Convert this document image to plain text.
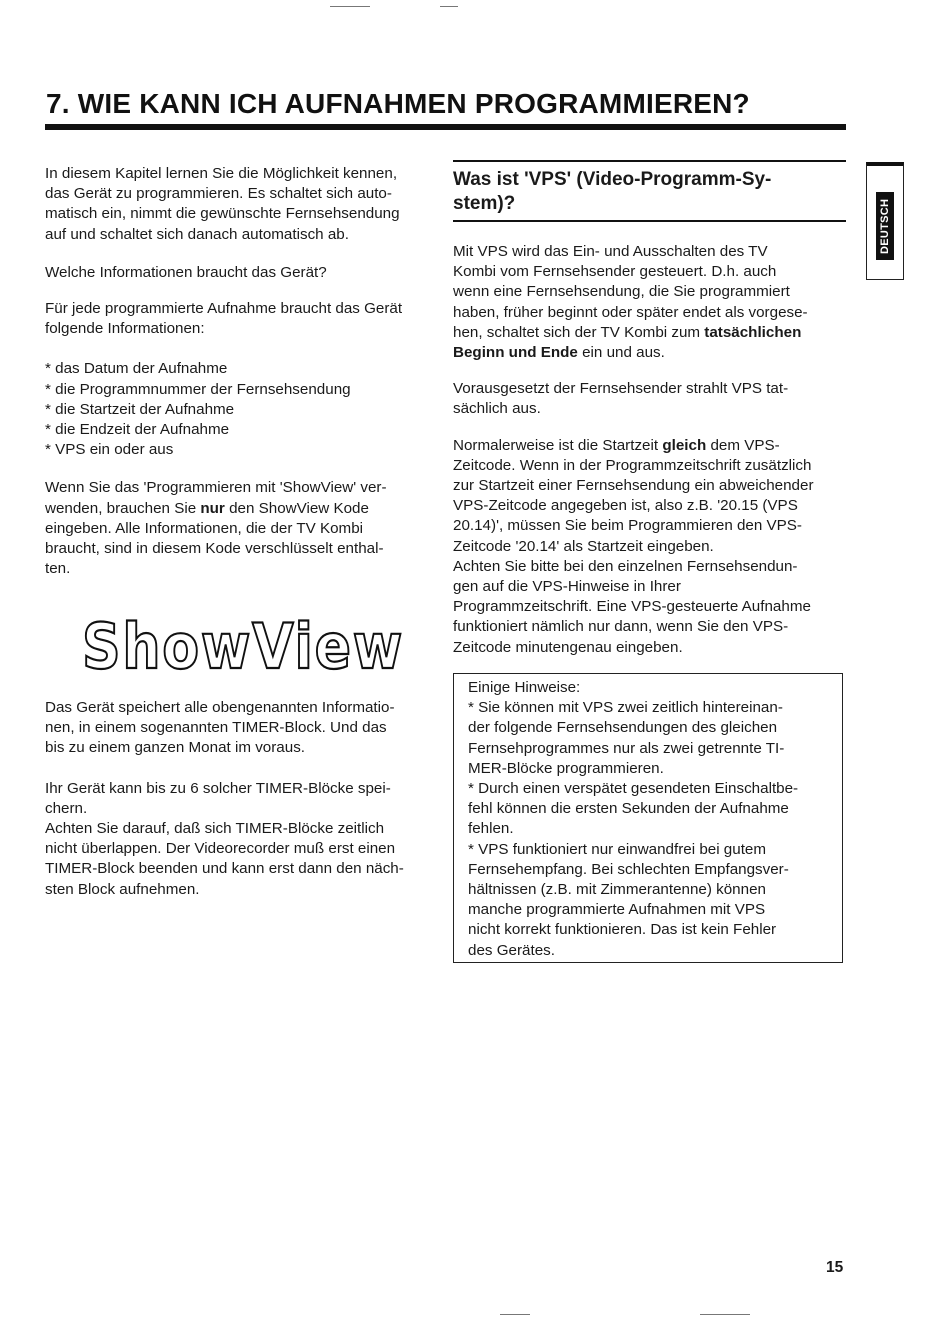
7. WIE KANN ICH AUFNAHMEN PROGRAMMIEREN?
DEUTSCH

In diesem Kapitel lernen Sie die Möglichkeit kennen,
das Gerät zu programmieren. Es schaltet sich auto-
matisch ein, nimmt die gewünschte Fernsehsendung
auf und schaltet sich danach automatisch ab.

Welche Informationen braucht das Gerät?

Für jede programmierte Aufnahme braucht das Gerät
folgende Informationen:

* das Datum der Aufnahme
* die Programmnummer der Fernsehsendung
* die Startzeit der Aufnahme
* die Endzeit der Aufnahme
* VPS ein oder aus

Wenn Sie das 'Programmieren mit 'ShowView' ver-
wenden, brauchen Sie nur den ShowView Kode
eingeben. Alle Informationen, die der TV Kombi
braucht, sind in diesem Kode verschlüsselt enthal-
ten.

ShowView

Das Gerät speichert alle obengenannten Informatio-
nen, in einem sogenannten TIMER-Block. Und das
bis zu einem ganzen Monat im voraus.

Ihr Gerät kann bis zu 6 solcher TIMER-Blöcke spei-
chern.
Achten Sie darauf, daß sich TIMER-Blöcke zeitlich
nicht überlappen. Der Videorecorder muß erst einen
TIMER-Block beenden und kann erst dann den näch-
sten Block aufnehmen.

Was ist 'VPS' (Video-Programm-Sy-
stem)?

Mit VPS wird das Ein- und Ausschalten des TV
Kombi vom Fernsehsender gesteuert. D.h. auch
wenn eine Fernsehsendung, die Sie programmiert
haben, früher beginnt oder später endet als vorgese-
hen, schaltet sich der TV Kombi zum tatsächlichen
Beginn und Ende ein und aus.

Vorausgesetzt der Fernsehsender strahlt VPS tat-
sächlich aus.

Normalerweise ist die Startzeit gleich dem VPS-
Zeitcode. Wenn in der Programmzeitschrift zusätzlich
zur Startzeit einer Fernsehsendung ein abweichender
VPS-Zeitcode angegeben ist, also z.B. '20.15 (VPS
20.14)', müssen Sie beim Programmieren den VPS-
Zeitcode '20.14' als Startzeit eingeben.
Achten Sie bitte bei den einzelnen Fernsehsendun-
gen auf die VPS-Hinweise in Ihrer
Programmzeitschrift. Eine VPS-gesteuerte Aufnahme
funktioniert nämlich nur dann, wenn Sie den VPS-
Zeitcode minutengenau eingeben.

Einige Hinweise:
* Sie können mit VPS zwei zeitlich hintereinan-
der folgende Fernsehsendungen des gleichen
Fernsehprogrammes nur als zwei getrennte TI-
MER-Blöcke programmieren.
* Durch einen verspätet gesendeten Einschaltbe-
fehl können die ersten Sekunden der Aufnahme
fehlen.
* VPS funktioniert nur einwandfrei bei gutem
Fernsehempfang. Bei schlechten Empfangsver-
hältnissen (z.B. mit Zimmerantenne) können
manche programmierte Aufnahmen mit VPS
nicht korrekt funktionieren. Das ist kein Fehler
des Gerätes.

15
